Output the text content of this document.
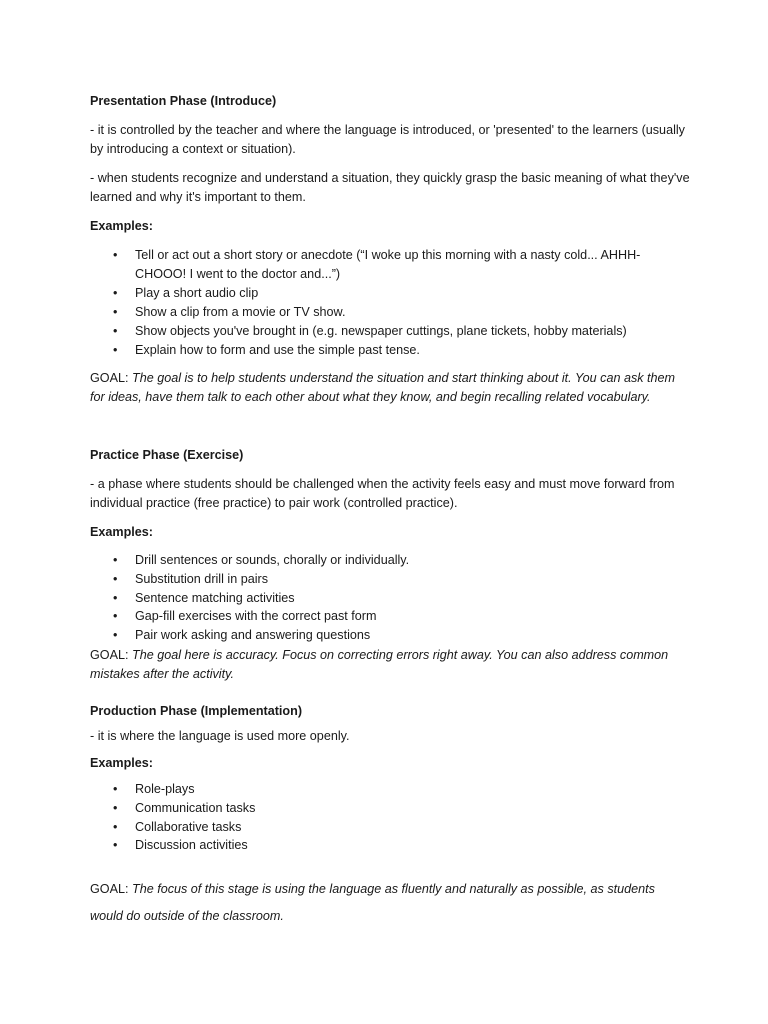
Presentation Phase (Introduce)

- it is controlled by the teacher and where the language is introduced, or 'presented' to the learners (usually by introducing a context or situation).

- when students recognize and understand a situation, they quickly grasp the basic meaning of what they've learned and why it's important to them.

Examples:

• Tell or act out a short story or anecdote (“I woke up this morning with a nasty cold... AHHH-CHOOO! I went to the doctor and...”)
• Play a short audio clip
• Show a clip from a movie or TV show.
• Show objects you've brought in (e.g. newspaper cuttings, plane tickets, hobby materials)
• Explain how to form and use the simple past tense.

GOAL: The goal is to help students understand the situation and start thinking about it. You can ask them for ideas, have them talk to each other about what they know, and begin recalling related vocabulary.

Practice Phase (Exercise)

- a phase where students should be challenged when the activity feels easy and must move forward from individual practice (free practice) to pair work (controlled practice).

Examples:

• Drill sentences or sounds, chorally or individually.
• Substitution drill in pairs
• Sentence matching activities
• Gap-fill exercises with the correct past form
• Pair work asking and answering questions

GOAL: The goal here is accuracy. Focus on correcting errors right away. You can also address common mistakes after the activity.

Production Phase (Implementation)

- it is where the language is used more openly.

Examples:

• Role-plays
• Communication tasks
• Collaborative tasks
• Discussion activities

GOAL: The focus of this stage is using the language as fluently and naturally as possible, as students would do outside of the classroom.
